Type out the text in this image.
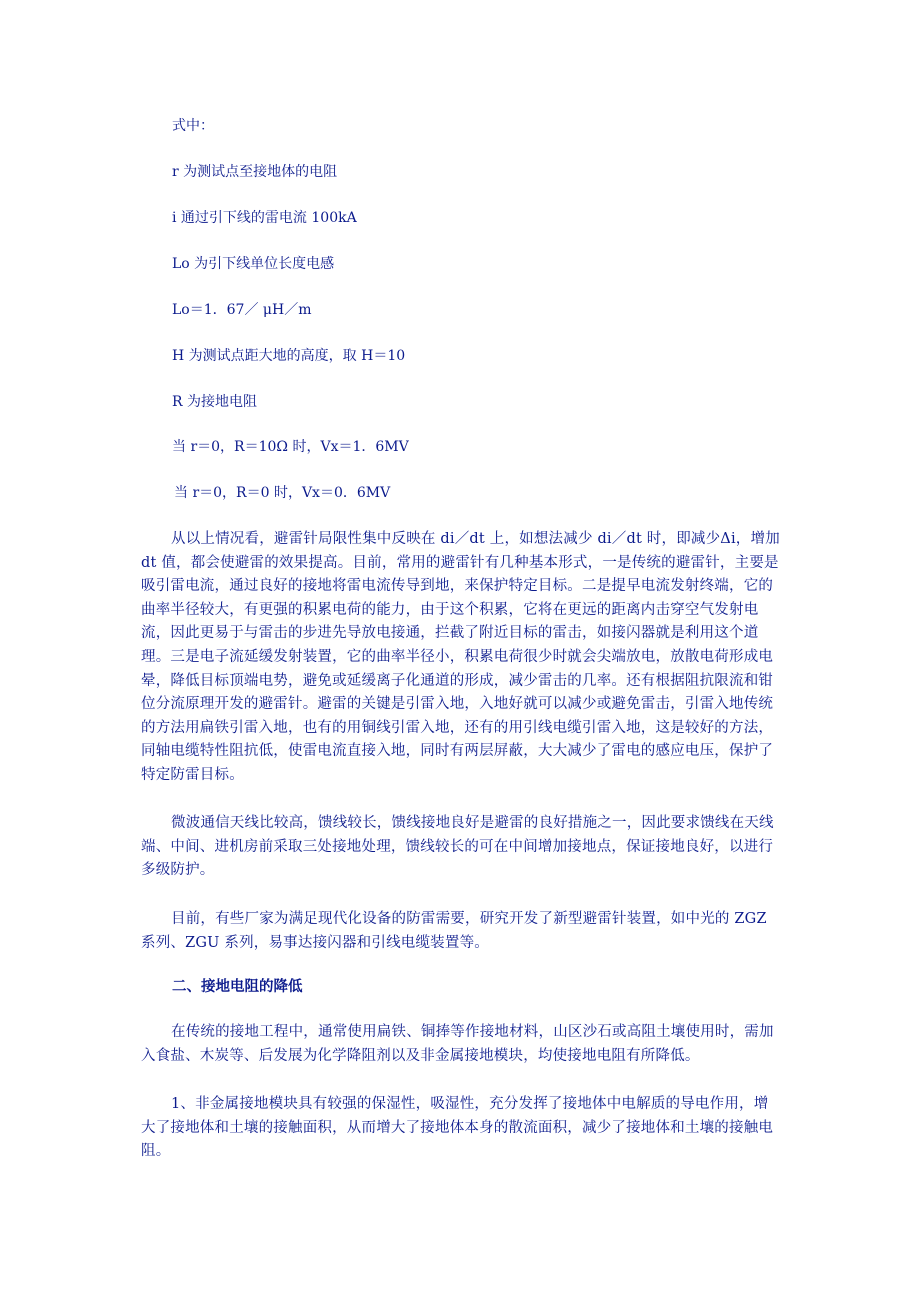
式中：
r 为测试点至接地体的电阻
i 通过引下线的雷电流 100kA
Lo 为引下线单位长度电感
Lo＝1．67／ μH／m
H 为测试点距大地的高度，取 H＝10
R 为接地电阻
当 r＝0，R＝10Ω 时，Vx＝1．6MV
当 r＝0，R＝0 时，Vx＝0．6MV
从以上情况看，避雷针局限性集中反映在 di／dt 上，如想法减少 di／dt 时，即减少Δi，增加 dt 值，都会使避雷的效果提高。目前，常用的避雷针有几种基本形式，一是传统的避雷针，主要是吸引雷电流，通过良好的接地将雷电流传导到地，来保护特定目标。二是提早电流发射终端，它的曲率半径较大，有更强的积累电荷的能力，由于这个积累，它将在更远的距离内击穿空气发射电流，因此更易于与雷击的步进先导放电接通，拦截了附近目标的雷击，如接闪器就是利用这个道理。三是电子流延缓发射装置，它的曲率半径小，积累电荷很少时就会尖端放电，放散电荷形成电晕，降低目标顶端电势，避免或延缓离子化通道的形成，减少雷击的几率。还有根据阻抗限流和钳位分流原理开发的避雷针。避雷的关键是引雷入地，入地好就可以减少或避免雷击，引雷入地传统的方法用扁铁引雷入地，也有的用铜线引雷入地，还有的用引线电缆引雷入地，这是较好的方法，同轴电缆特性阻抗低，使雷电流直接入地，同时有两层屏蔽，大大减少了雷电的感应电压，保护了特定防雷目标。
微波通信天线比较高，馈线较长，馈线接地良好是避雷的良好措施之一，因此要求馈线在天线端、中间、进机房前采取三处接地处理，馈线较长的可在中间增加接地点，保证接地良好，以进行多级防护。
目前，有些厂家为满足现代化设备的防雷需要，研究开发了新型避雷针装置，如中光的 ZGZ 系列、ZGU 系列，易事达接闪器和引线电缆装置等。
二、接地电阻的降低
在传统的接地工程中，通常使用扁铁、铜捧等作接地材料，山区沙石或高阻土壤使用时，需加入食盐、木炭等、后发展为化学降阻剂以及非金属接地模块，均使接地电阻有所降低。
1、非金属接地模块具有较强的保湿性，吸湿性，充分发挥了接地体中电解质的导电作用，增大了接地体和土壤的接触面积，从而增大了接地体本身的散流面积，减少了接地体和土壤的接触电阻。
